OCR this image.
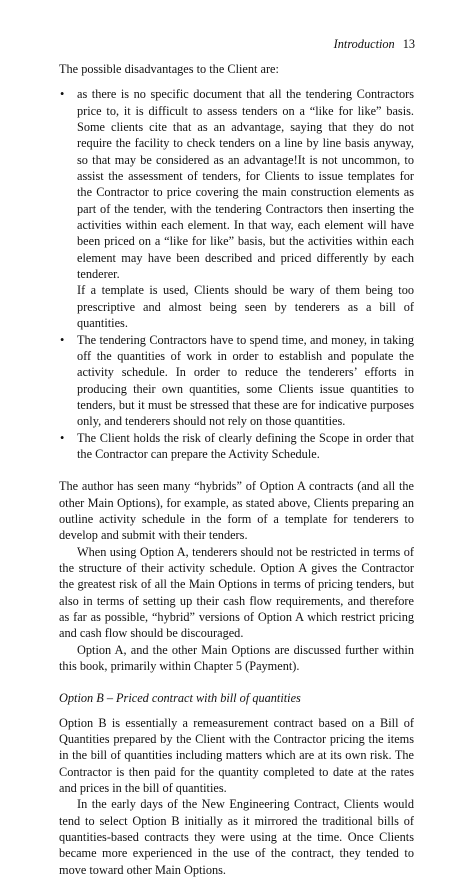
Introduction 13

The possible disadvantages to the Client are:

• as there is no specific document that all the tendering Contractors price to, it is difficult to assess tenders on a “like for like” basis. Some clients cite that as an advantage, saying that they do not require the facility to check tenders on a line by line basis anyway, so that may be considered as an advantage!It is not uncommon, to assist the assessment of tenders, for Clients to issue templates for the Contractor to price covering the main construction elements as part of the tender, with the tendering Contractors then inserting the activities within each element. In that way, each element will have been priced on a “like for like” basis, but the activities within each element may have been described and priced differently by each tenderer.
If a template is used, Clients should be wary of them being too prescriptive and almost being seen by tenderers as a bill of quantities.
• The tendering Contractors have to spend time, and money, in taking off the quantities of work in order to establish and populate the activity schedule. In order to reduce the tenderers’ efforts in producing their own quantities, some Clients issue quantities to tenders, but it must be stressed that these are for indicative purposes only, and tenderers should not rely on those quantities.
• The Client holds the risk of clearly defining the Scope in order that the Contractor can prepare the Activity Schedule.

The author has seen many “hybrids” of Option A contracts (and all the other Main Options), for example, as stated above, Clients preparing an outline activity schedule in the form of a template for tenderers to develop and submit with their tenders.

When using Option A, tenderers should not be restricted in terms of the structure of their activity schedule. Option A gives the Contractor the greatest risk of all the Main Options in terms of pricing tenders, but also in terms of setting up their cash flow requirements, and therefore as far as possible, “hybrid” versions of Option A which restrict pricing and cash flow should be discouraged.

Option A, and the other Main Options are discussed further within this book, primarily within Chapter 5 (Payment).

Option B – Priced contract with bill of quantities

Option B is essentially a remeasurement contract based on a Bill of Quantities prepared by the Client with the Contractor pricing the items in the bill of quantities including matters which are at its own risk. The Contractor is then paid for the quantity completed to date at the rates and prices in the bill of quantities.

In the early days of the New Engineering Contract, Clients would tend to select Option B initially as it mirrored the traditional bills of quantities-based contracts they were using at the time. Once Clients became more experienced in the use of the contract, they tended to move toward other Main Options.
